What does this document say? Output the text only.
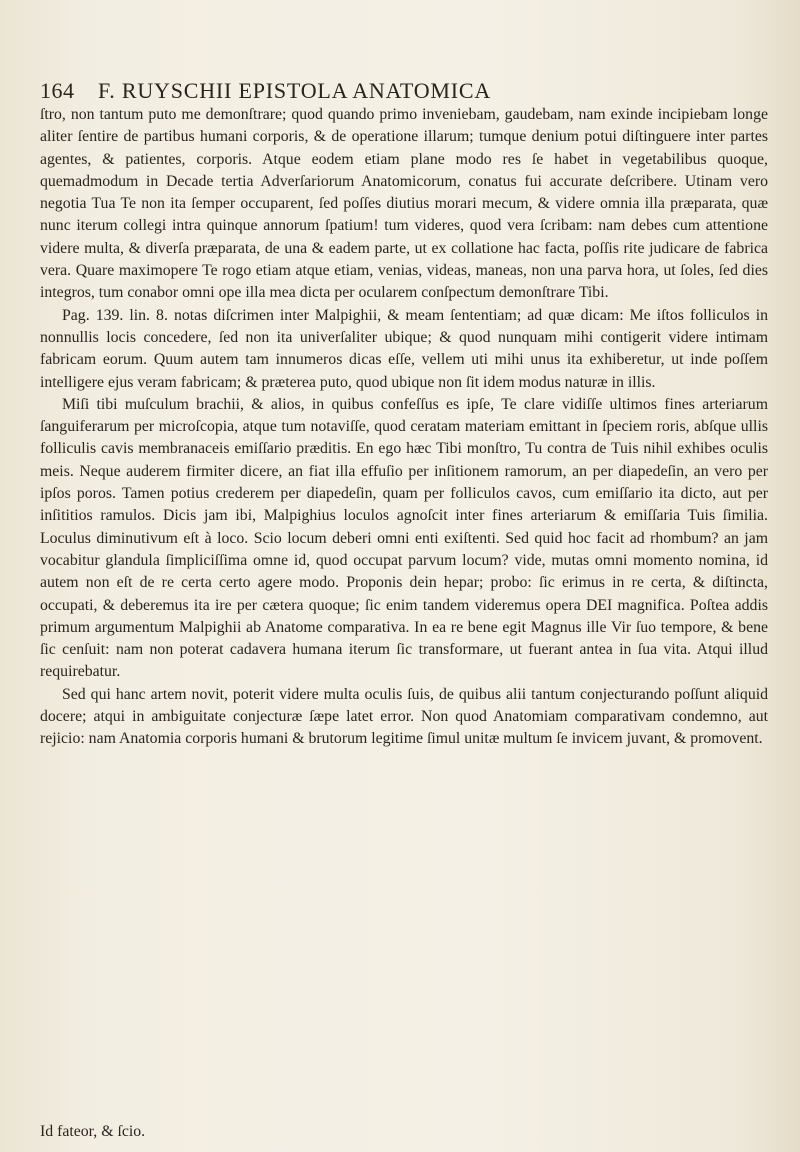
164 F. RUYSCHII EPISTOLA ANATOMICA

ſtro, non tantum puto me demonſtrare; quod quando primo inveniebam, gaudebam, nam exinde incipiebam longe aliter ſentire de partibus humani corporis, & de operatione illarum; tumque denium potui diſtinguere inter partes agentes, & patientes, corporis. Atque eodem etiam plane modo res ſe habet in vegetabilibus quoque, quemadmodum in Decade tertia Adverſariorum Anatomicorum, conatus fui accurate deſcribere. Utinam vero negotia Tua Te non ita ſemper occuparent, ſed poſſes diutius morari mecum, & videre omnia illa præparata, quæ nunc iterum collegi intra quinque annorum ſpatium! tum videres, quod vera ſcribam: nam debes cum attentione videre multa, & diverſa præparata, de una & eadem parte, ut ex collatione hac facta, poſſis rite judicare de fabrica vera. Quare maximopere Te rogo etiam atque etiam, venias, videas, maneas, non una parva hora, ut ſoles, ſed dies integros, tum conabor omni ope illa mea dicta per ocularem conſpectum demonſtrare Tibi.

Pag. 139. lin. 8. notas diſcrimen inter Malpighii, & meam ſententiam; ad quæ dicam: Me iſtos folliculos in nonnullis locis concedere, ſed non ita univerſaliter ubique; & quod nunquam mihi contigerit videre intimam fabricam eorum. Quum autem tam innumeros dicas eſſe, vellem uti mihi unus ita exhiberetur, ut inde poſſem intelligere ejus veram fabricam; & præterea puto, quod ubique non ſit idem modus naturæ in illis.

Miſi tibi muſculum brachii, & alios, in quibus confeſſus es ipſe, Te clare vidiſſe ultimos fines arteriarum ſanguiferarum per microſcopia, atque tum notaviſſe, quod ceratam materiam emittant in ſpeciem roris, abſque ullis folliculis cavis membranaceis emiſſario præditis. En ego hæc Tibi monſtro, Tu contra de Tuis nihil exhibes oculis meis. Neque auderem firmiter dicere, an fiat illa effuſio per inſitionem ramorum, an per diapedeſin, an vero per ipſos poros. Tamen potius crederem per diapedeſin, quam per folliculos cavos, cum emiſſario ita dicto, aut per inſititios ramulos. Dicis jam ibi, Malpighius loculos agnoſcit inter fines arteriarum & emiſſaria Tuis ſimilia. Loculus diminutivum eſt à loco. Scio locum deberi omni enti exiſtenti. Sed quid hoc facit ad rhombum? an jam vocabitur glandula ſimpliciſſima omne id, quod occupat parvum locum? vide, mutas omni momento nomina, id autem non eſt de re certa certo agere modo. Proponis dein hepar; probo: ſic erimus in re certa, & diſtincta, occupati, & deberemus ita ire per cætera quoque; ſic enim tandem videremus opera DEI magnifica. Poſtea addis primum argumentum Malpighii ab Anatome comparativa. In ea re bene egit Magnus ille Vir ſuo tempore, & bene ſic cenſuit: nam non poterat cadavera humana iterum ſic transformare, ut fuerant antea in ſua vita. Atqui illud requirebatur.

Sed qui hanc artem novit, poterit videre multa oculis ſuis, de quibus alii tantum conjecturando poſſunt aliquid docere; atqui in ambiguitate conjecturæ ſæpe latet error. Non quod Anatomiam comparativam condemno, aut rejicio: nam Anatomia corporis humani & brutorum legitime ſimul unitæ multum ſe invicem juvant, & promovent.

Id fateor, & ſcio.
